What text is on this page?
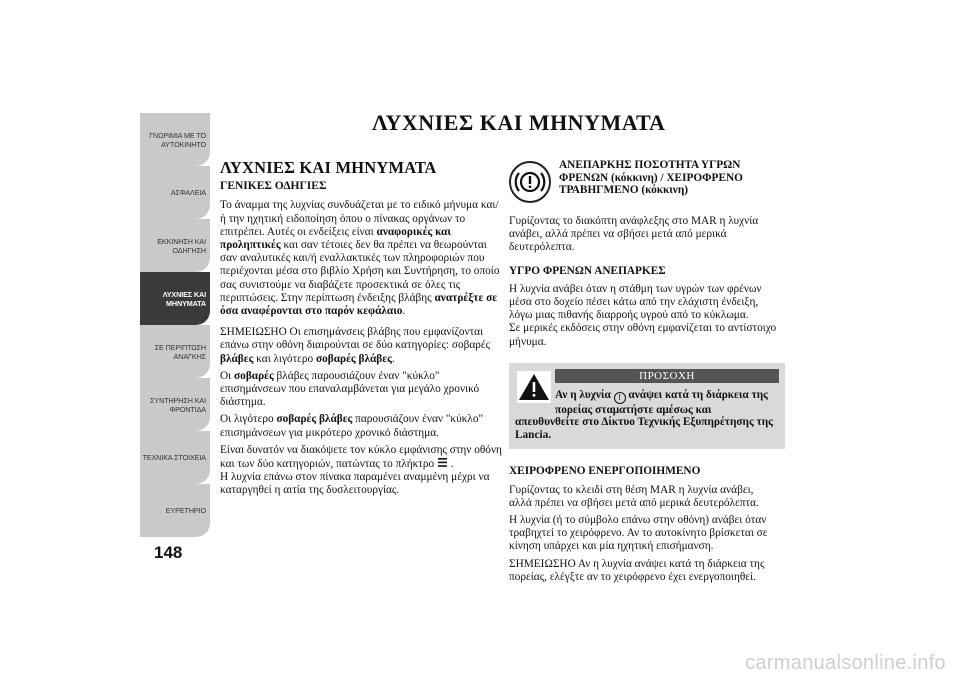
ΓΝΩΡΙΜΙΑ ΜΕ ΤΟ
ΑΥΤΟΚΙΝΗΤΟ
ΑΣΦΑΛΕΙΑ
ΕΚΚΙΝΗΣΗ ΚΑΙ
ΟΔΗΓΗΣΗ
ΛΥΧΝΙΕΣ ΚΑΙ
ΜΗΝΥΜΑΤΑ
ΣΕ ΠΕΡΙΠΤΩΣΗ
ΑΝΑΓΚΗΣ
ΣΥΝΤΗΡΗΣΗ ΚΑΙ
ΦΡΟΝΤΙΔΑ
ΤΕΧΝΙΚΑ ΣΤΟΙΧΕΙΑ
ΕΥΡΕΤΗΡΙΟ
148
ΛΥΧΝΙΕΣ ΚΑΙ ΜΗΝΥΜΑΤΑ
ΛΥΧΝΙΕΣ ΚΑΙ ΜΗΝΥΜΑΤΑ
ΓΕΝΙΚΕΣ ΟΔΗΓΙΕΣ

Το άναμμα της λυχνίας συνδυάζεται με το ειδικό μήνυμα και/ή την ηχητική ειδοποίηση όπου ο πίνακας οργάνων το επιτρέπει. Αυτές οι ενδείξεις είναι αναφορικές και προληπτικές και σαν τέτοιες δεν θα πρέπει να θεωρούνται σαν αναλυτικές και/ή εναλλακτικές των πληροφοριών που περιέχονται μέσα στο βιβλίο Χρήση και Συντήρηση, το οποίο σας συνιστούμε να διαβάζετε προσεκτικά σε όλες τις περιπτώσεις. Στην περίπτωση ένδειξης βλάβης ανατρέξτε σε όσα αναφέρονται στο παρόν κεφάλαιο.

ΣΗΜΕΙΩΣΗΟ Οι επισημάνσεις βλάβης που εμφανίζονται επάνω στην οθόνη διαιρούνται σε δύο κατηγορίες: σοβαρές βλάβες και λιγότερο σοβαρές βλάβες.

Οι σοβαρές βλάβες παρουσιάζουν έναν "κύκλο" επισημάνσεων που επαναλαμβάνεται για μεγάλο χρονικό διάστημα.

Οι λιγότερο σοβαρές βλάβες παρουσιάζουν έναν "κύκλο" επισημάνσεων για μικρότερο χρονικό διάστημα.

Είναι δυνατόν να διακόψετε τον κύκλο εμφάνισης στην οθόνη και των δύο κατηγοριών, πατώντας το πλήκτρο  .
Η λυχνία επάνω στον πίνακα παραμένει αναμμένη μέχρι να καταργηθεί η αιτία της δυσλειτουργίας.

ΑΝΕΠΑΡΚΗΣ ΠΟΣΟΤΗΤΑ ΥΓΡΩΝ ΦΡΕΝΩΝ (κόκκινη) / ΧΕΙΡΟΦΡΕΝΟ ΤΡΑΒΗΓΜΕΝΟ (κόκκινη)

Γυρίζοντας το διακόπτη ανάφλεξης στο MAR η λυχνία ανάβει, αλλά πρέπει να σβήσει μετά από μερικά δευτερόλεπτα.

ΥΓΡΟ ΦΡΕΝΩΝ ΑΝΕΠΑΡΚΕΣ

Η λυχνία ανάβει όταν η στάθμη των υγρών των φρένων μέσα στο δοχείο πέσει κάτω από την ελάχιστη ένδειξη, λόγω μιας πιθανής διαρροής υγρού από το κύκλωμα.

Σε μερικές εκδόσεις στην οθόνη εμφανίζεται το αντίστοιχο μήνυμα.

ΠΡΟΣΟΧΗ
Αν η λυχνία ! ανάψει κατά τη διάρκεια της πορείας σταματήστε αμέσως και
απευθυνθείτε στο Δίκτυο Τεχνικής Εξυπηρέτησης της Lancia.
ΧΕΙΡΟΦΡΕΝΟ ΕΝΕΡΓΟΠΟΙΗΜΕΝΟ

Γυρίζοντας το κλειδί στη θέση MAR η λυχνία ανάβει, αλλά πρέπει να σβήσει μετά από μερικά δευτερόλεπτα.

Η λυχνία (ή το σύμβολο επάνω στην οθόνη) ανάβει όταν τραβηχτεί το χειρόφρενο. Αν το αυτοκίνητο βρίσκεται σε κίνηση υπάρχει και μία ηχητική επισήμανση.

ΣΗΜΕΙΩΣΗΟ Αν η λυχνία ανάψει κατά τη διάρκεια της πορείας, ελέγξτε αν το χειρόφρενο έχει ενεργοποιηθεί.

carmanualsonline.info
